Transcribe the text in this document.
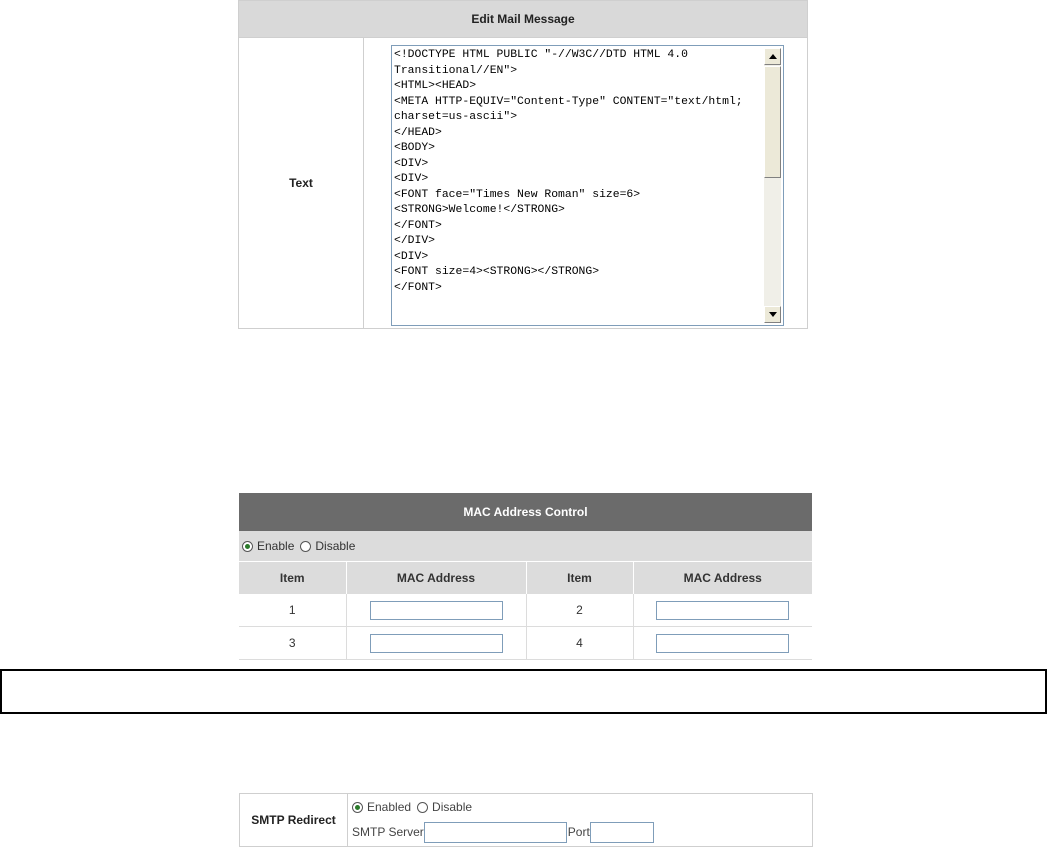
Edit Mail Message
Text
<!DOCTYPE HTML PUBLIC "-//W3C//DTD HTML 4.0 Transitional//EN">
<HTML><HEAD>
<META HTTP-EQUIV="Content-Type" CONTENT="text/html; charset=us-ascii">
</HEAD>
<BODY>
<DIV>
<DIV>
<FONT face="Times New Roman" size=6>
<STRONG>Welcome!</STRONG>
</FONT>
</DIV>
<DIV>
<FONT size=4><STRONG></STRONG>
</FONT>
MAC Address Control
Enable Disable
Item	MAC Address	Item	MAC Address
1		2	
3		4	
SMTP Redirect
Enabled Disable
SMTP Server	Port
